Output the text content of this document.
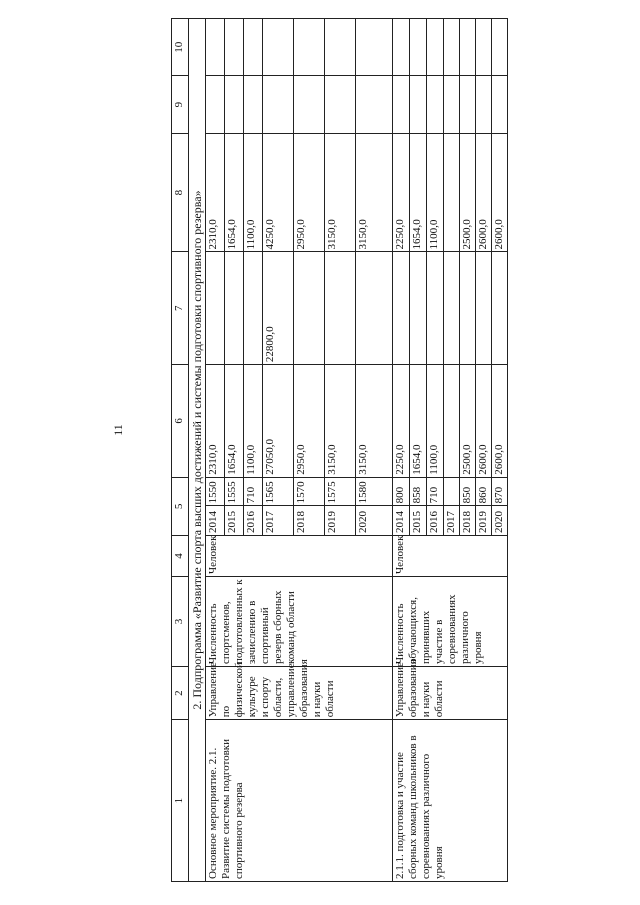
11
1	2	3	4	5		6	7	8	9	10
2. Подпрограмма «Развитие спорта высших достижений и системы подготовки спортивного резерва»										
Основное мероприятие. 2.1. Развитие системы подготовки спортивного резерва	Управление по физической культуре и спорту области, управление образования и науки области	Численность спортсменов, подготовленных к зачислению в спортивный резерв сборных команд области	Человек	2014	1550	2310,0		2310,0		
				2015	1555	1654,0		1654,0		
				2016	710	1100,0		1100,0		
				2017	1565	27050,0	22800,0	4250,0		
				2018	1570	2950,0		2950,0		
				2019	1575	3150,0		3150,0		
				2020	1580	3150,0		3150,0		
2.1.1. подготовка и участие сборных команд школьников в соревнованиях различного уровня	Управление образования и науки области	Численность обучающихся, принявших участие в соревнованиях различного уровня	Человек	2014	800	2250,0		2250,0		
				2015	858	1654,0		1654,0		
				2016	710	1100,0		1100,0		
				2017						
				2018	850	2500,0		2500,0		
				2019	860	2600,0		2600,0		
				2020	870	2600,0		2600,0		
